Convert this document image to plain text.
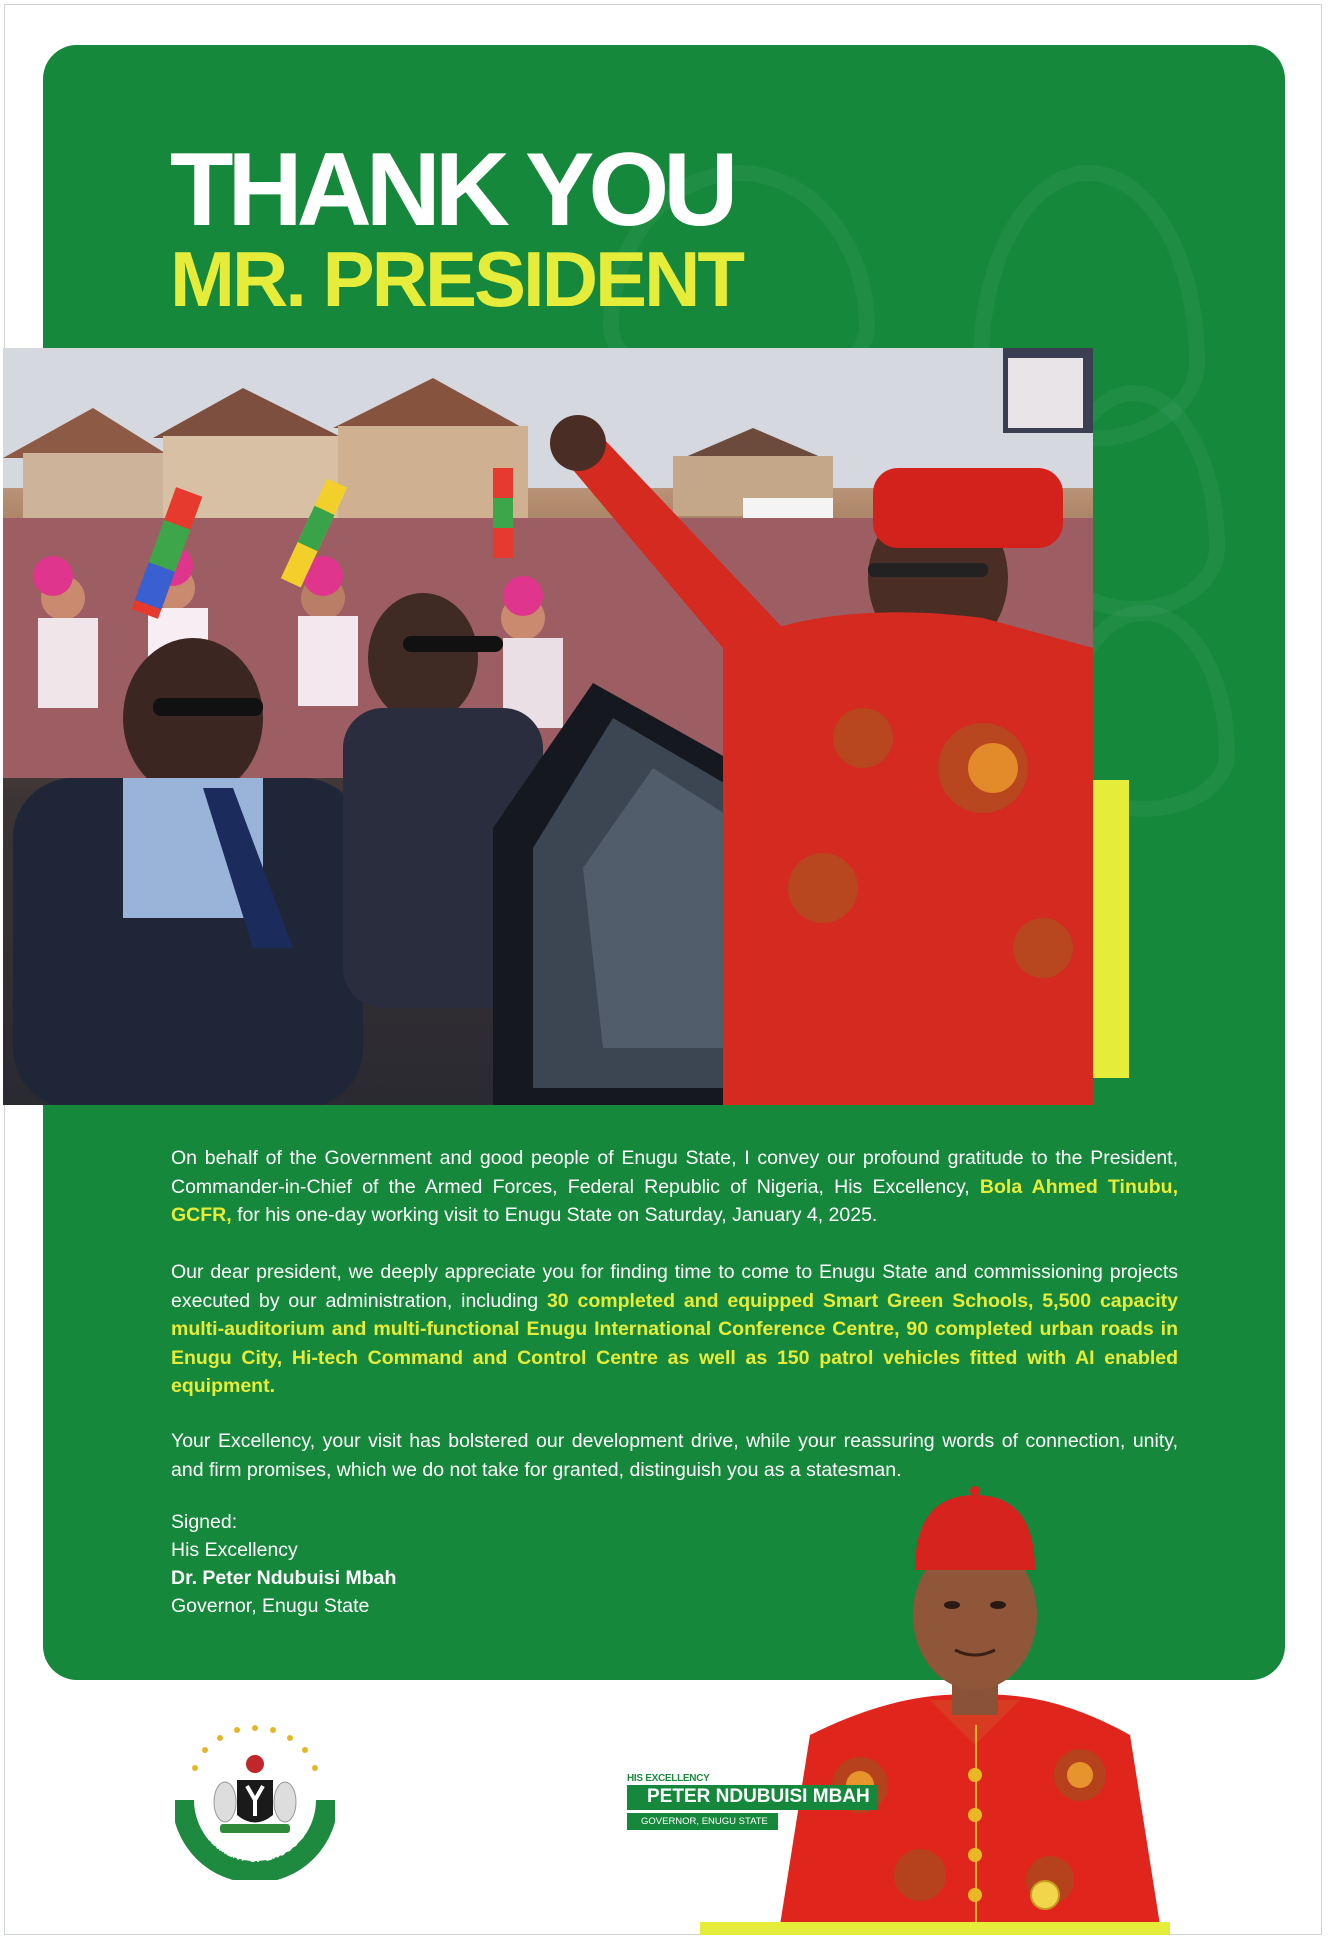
THANK YOU
MR. PRESIDENT
On behalf of the Government and good people of Enugu State, I convey our profound gratitude to the President, Commander-in-Chief of the Armed Forces, Federal Republic of Nigeria, His Excellency, Bola Ahmed Tinubu, GCFR, for his one-day working visit to Enugu State on Saturday, January 4, 2025.
Our dear president, we deeply appreciate you for finding time to come to Enugu State and commissioning projects executed by our administration, including 30 completed and equipped Smart Green Schools, 5,500 capacity multi-auditorium and multi-functional Enugu International Conference Centre, 90 completed urban roads in Enugu City, Hi-tech Command and Control Centre as well as 150 patrol vehicles fitted with AI enabled equipment.
Your Excellency, your visit has bolstered our development drive, while your reassuring words of connection, unity, and firm promises, which we do not take for granted, distinguish you as a statesman.
Signed:
His Excellency
Dr. Peter Ndubuisi Mbah
Governor, Enugu State
GOVERNMENT OF ENUGU STATE
HIS EXCELLENCY
PETER NDUBUISI MBAH
GOVERNOR, ENUGU STATE
